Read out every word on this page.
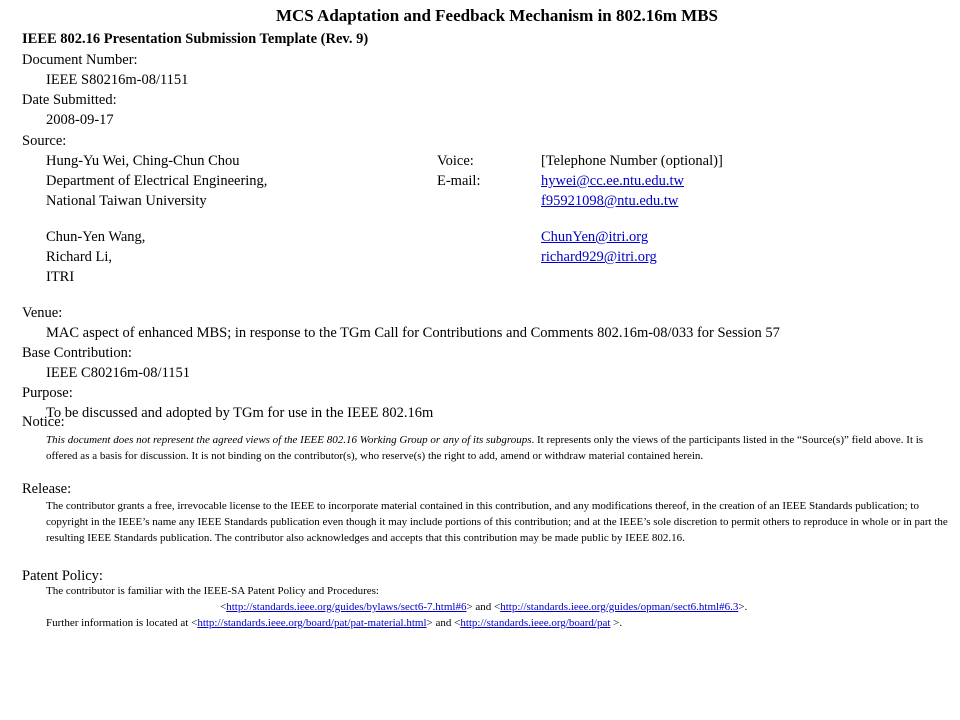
MCS Adaptation and Feedback Mechanism in 802.16m MBS
IEEE 802.16 Presentation Submission Template (Rev. 9)
Document Number:
IEEE S80216m-08/1151
Date Submitted:
2008-09-17
Source:
Hung-Yu Wei, Ching-Chun Chou	Voice:	[Telephone Number (optional)]
Department of Electrical Engineering,	E-mail:	hywei@cc.ee.ntu.edu.tw
National Taiwan University	f95921098@ntu.edu.tw
Chun-Yen Wang,	ChunYen@itri.org
Richard Li,	richard929@itri.org
ITRI
Venue:
MAC aspect of enhanced MBS; in response to the TGm Call for Contributions and Comments 802.16m-08/033 for Session 57
Base Contribution:
IEEE C80216m-08/1151
Purpose:
To be discussed and adopted by TGm for use in the IEEE 802.16m
Notice:
This document does not represent the agreed views of the IEEE 802.16 Working Group or any of its subgroups. It represents only the views of the participants listed in the “Source(s)” field above. It is offered as a basis for discussion. It is not binding on the contributor(s), who reserve(s) the right to add, amend or withdraw material contained herein.
Release:
The contributor grants a free, irrevocable license to the IEEE to incorporate material contained in this contribution, and any modifications thereof, in the creation of an IEEE Standards publication; to copyright in the IEEE’s name any IEEE Standards publication even though it may include portions of this contribution; and at the IEEE’s sole discretion to permit others to reproduce in whole or in part the resulting IEEE Standards publication. The contributor also acknowledges and accepts that this contribution may be made public by IEEE 802.16.
Patent Policy:
The contributor is familiar with the IEEE-SA Patent Policy and Procedures:
<http://standards.ieee.org/guides/bylaws/sect6-7.html#6> and <http://standards.ieee.org/guides/opman/sect6.html#6.3>.
Further information is located at <http://standards.ieee.org/board/pat/pat-material.html> and <http://standards.ieee.org/board/pat >.
